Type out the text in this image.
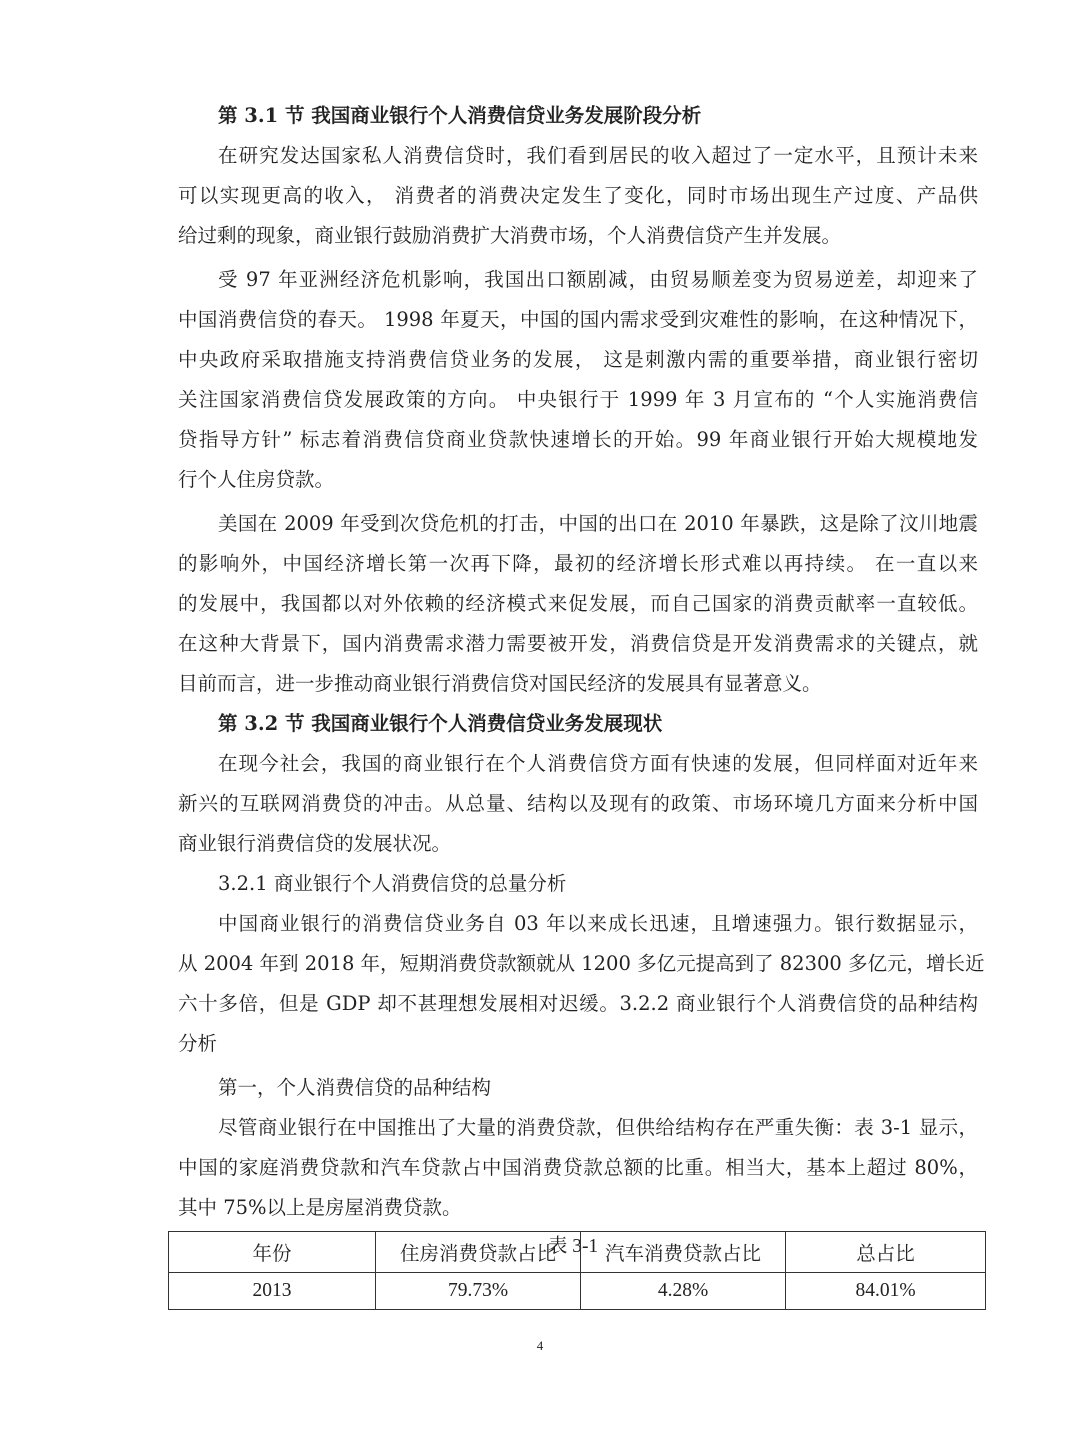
第 3.1 节 我国商业银行个人消费信贷业务发展阶段分析
在研究发达国家私人消费信贷时，我们看到居民的收入超过了一定水平，且预计未来
可以实现更高的收入， 消费者的消费决定发生了变化，同时市场出现生产过度、产品供
给过剩的现象，商业银行鼓励消费扩大消费市场，个人消费信贷产生并发展。
受 97 年亚洲经济危机影响，我国出口额剧减，由贸易顺差变为贸易逆差，却迎来了
中国消费信贷的春天。 1998 年夏天，中国的国内需求受到灾难性的影响，在这种情况下，
中央政府采取措施支持消费信贷业务的发展， 这是刺激内需的重要举措，商业银行密切
关注国家消费信贷发展政策的方向。 中央银行于 1999 年 3 月宣布的 “个人实施消费信
贷指导方针” 标志着消费信贷商业贷款快速增长的开始。99 年商业银行开始大规模地发
行个人住房贷款。
美国在 2009 年受到次贷危机的打击，中国的出口在 2010 年暴跌，这是除了汶川地震
的影响外，中国经济增长第一次再下降，最初的经济增长形式难以再持续。 在一直以来
的发展中，我国都以对外依赖的经济模式来促发展，而自己国家的消费贡献率一直较低。
在这种大背景下，国内消费需求潜力需要被开发，消费信贷是开发消费需求的关键点，就
目前而言，进一步推动商业银行消费信贷对国民经济的发展具有显著意义。
第 3.2 节 我国商业银行个人消费信贷业务发展现状
在现今社会，我国的商业银行在个人消费信贷方面有快速的发展，但同样面对近年来
新兴的互联网消费贷的冲击。从总量、结构以及现有的政策、市场环境几方面来分析中国
商业银行消费信贷的发展状况。
3.2.1 商业银行个人消费信贷的总量分析
中国商业银行的消费信贷业务自 03 年以来成长迅速，且增速强力。银行数据显示，
从 2004 年到 2018 年，短期消费贷款额就从 1200 多亿元提高到了 82300 多亿元，增长近
六十多倍，但是 GDP 却不甚理想发展相对迟缓。3.2.2 商业银行个人消费信贷的品种结构
分析
第一，个人消费信贷的品种结构
尽管商业银行在中国推出了大量的消费贷款，但供给结构存在严重失衡：表 3-1 显示，
中国的家庭消费贷款和汽车贷款占中国消费贷款总额的比重。相当大，基本上超过 80%，
其中 75%以上是房屋消费贷款。
表 3-1
年份	住房消费贷款占比	汽车消费贷款占比	总占比
2013	79.73%	4.28%	84.01%
4
